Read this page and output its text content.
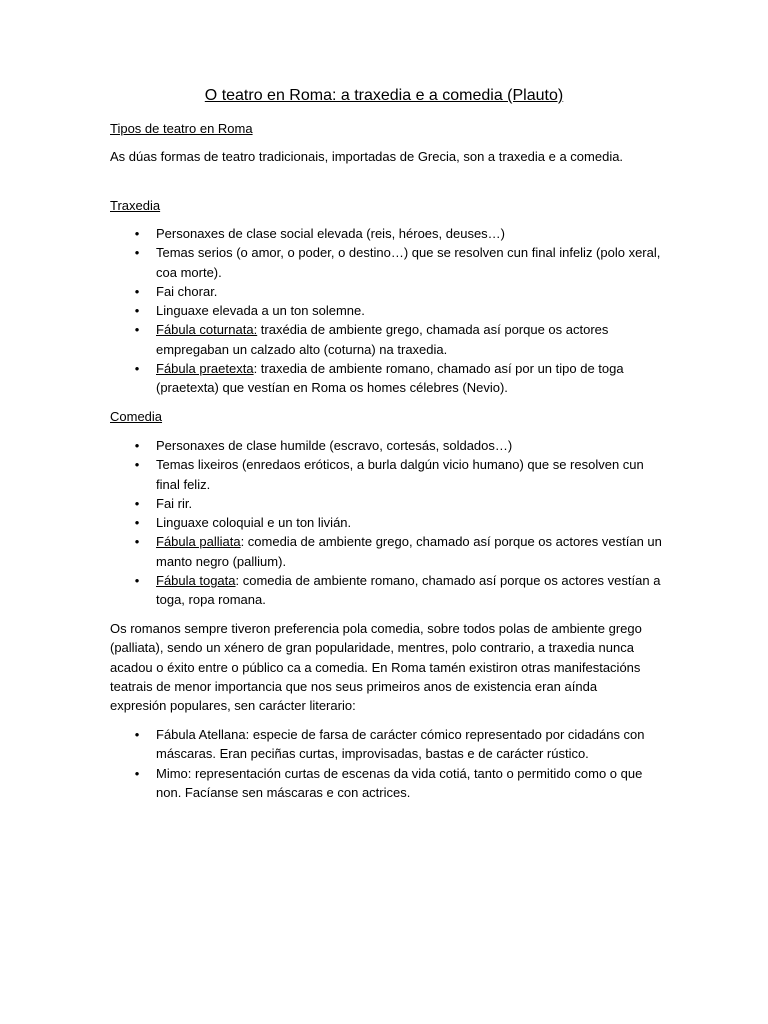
O teatro en Roma: a traxedia e a comedia (Plauto)

Tipos de teatro en Roma

As dúas formas de teatro tradicionais, importadas de Grecia, son a traxedia e a comedia.

Traxedia

• Personaxes de clase social elevada (reis, héroes, deuses…)
• Temas serios (o amor, o poder, o destino…) que se resolven cun final infeliz (polo xeral, coa morte).
• Fai chorar.
• Linguaxe elevada a un ton solemne.
• Fábula coturnata: traxédia de ambiente grego, chamada así porque os actores empregaban un calzado alto (coturna) na traxedia.
• Fábula praetexta: traxedia de ambiente romano, chamado así por un tipo de toga (praetexta) que vestían en Roma os homes célebres (Nevio).

Comedia

• Personaxes de clase humilde (escravo, cortesás, soldados…)
• Temas lixeiros (enredaos eróticos, a burla dalgún vicio humano) que se resolven cun final feliz.
• Fai rir.
• Linguaxe coloquial e un ton livián.
• Fábula palliata: comedia de ambiente grego, chamado así porque os actores vestían un manto negro (pallium).
• Fábula togata: comedia de ambiente romano, chamado así porque os actores vestían a toga, ropa romana.

Os romanos sempre tiveron preferencia pola comedia, sobre todos polas de ambiente grego (palliata), sendo un xénero de gran popularidade, mentres, polo contrario, a traxedia nunca acadou o éxito entre o público ca a comedia. En Roma tamén existiron otras manifestacións teatrais de menor importancia que nos seus primeiros anos de existencia eran aínda expresión populares, sen carácter literario:

• Fábula Atellana: especie de farsa de carácter cómico representado por cidadáns con máscaras. Eran peciñas curtas, improvisadas, bastas e de carácter rústico.
• Mimo: representación curtas de escenas da vida cotiá, tanto o permitido como o que non. Facíanse sen máscaras e con actrices.
